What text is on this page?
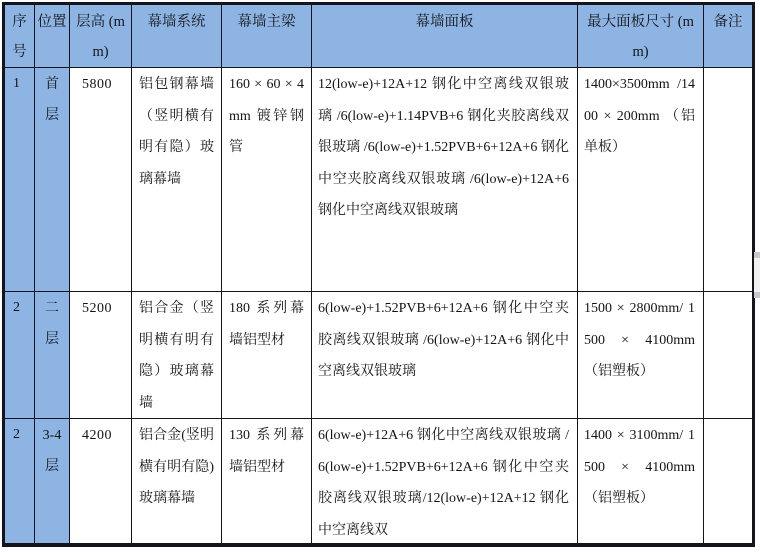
序号	位置	层高 (mm)	幕墙系统	幕墙主梁	幕墙面板	最大面板尺寸 (mm)	备注

1	首层	5800	铝包钢幕墙（竖明横有明有隐）玻璃幕墙	160 × 60 × 4mm 镀锌钢管	12(low-e)+12A+12 钢化中空离线双银玻璃 /6(low-e)+1.14PVB+6 钢化夹胶离线双银玻璃 /6(low-e)+1.52PVB+6+12A+6 钢化中空夹胶离线双银玻璃 /6(low-e)+12A+6 钢化中空离线双银玻璃	1400×3500mm /1400 × 200mm （铝单板）	

2	二层	5200	铝合金（竖明横有明有隐）玻璃幕墙	180 系列幕墙铝型材	6(low-e)+1.52PVB+6+12A+6 钢化中空夹胶离线双银玻璃 /6(low-e)+12A+6 钢化中空离线双银玻璃	1500 × 2800mm/ 1500 × 4100mm （铝塑板）	

2	3-4层	4200	铝合金(竖明横有明有隐)玻璃幕墙	130 系列幕墙铝型材	6(low-e)+12A+6 钢化中空离线双银玻璃 /6(low-e)+1.52PVB+6+12A+6 钢化中空夹胶离线双银玻璃/12(low-e)+12A+12 钢化中空离线双	1400 × 3100mm/ 1500 × 4100mm （铝塑板）	
